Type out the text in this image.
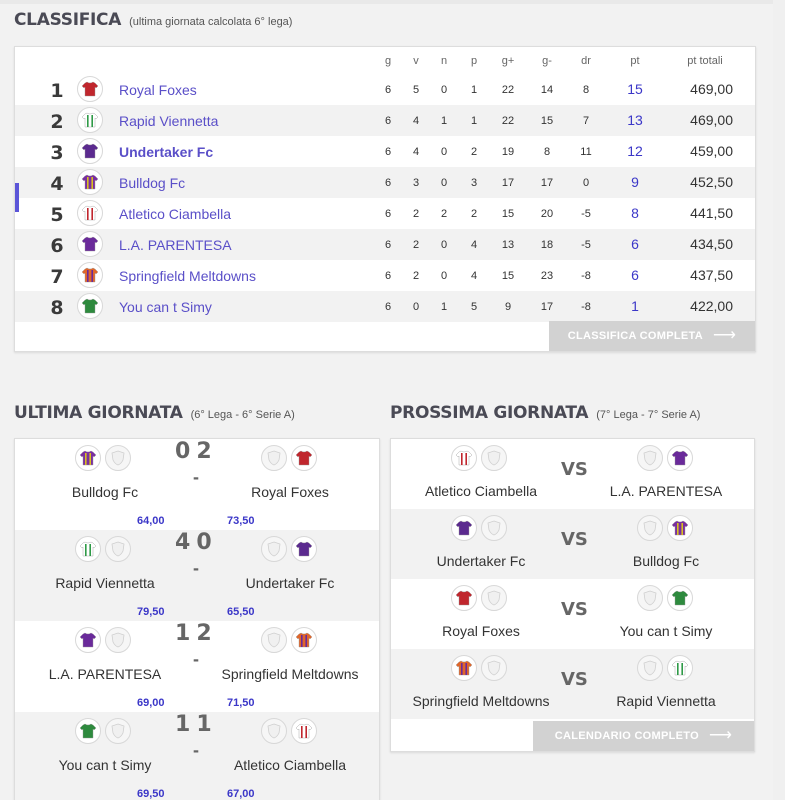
CLASSIFICA (ultima giornata calcolata 6° lega)
g	v	n	p	g+	g-	dr	pt	pt totali
1	Royal Foxes	6	5	0	1	22	14	8	15	469,00
2	Rapid Viennetta	6	4	1	1	22	15	7	13	469,00
3	Undertaker Fc	6	4	0	2	19	8	11	12	459,00
4	Bulldog Fc	6	3	0	3	17	17	0	9	452,50
5	Atletico Ciambella	6	2	2	2	15	20	-5	8	441,50
6	L.A. PARENTESA	6	2	0	4	13	18	-5	6	434,50
7	Springfield Meltdowns	6	2	0	4	15	23	-8	6	437,50
8	You can t Simy	6	0	1	5	9	17	-8	1	422,00
CLASSIFICA COMPLETA ⟶
ULTIMA GIORNATA (6° Lega - 6° Serie A)
02
-
Bulldog Fc	Royal Foxes
64,00	73,50
40
-
Rapid Viennetta	Undertaker Fc
79,50	65,50
12
-
L.A. PARENTESA	Springfield Meltdowns
69,00	71,50
11
-
You can t Simy	Atletico Ciambella
69,50	67,00
PROSSIMA GIORNATA (7° Lega - 7° Serie A)
VS
Springfield Meltdowns	Rapid Viennetta
VS
Royal Foxes	You can t Simy
VS
Undertaker Fc	Bulldog Fc
VS
Atletico Ciambella	L.A. PARENTESA
CALENDARIO COMPLETO ⟶
